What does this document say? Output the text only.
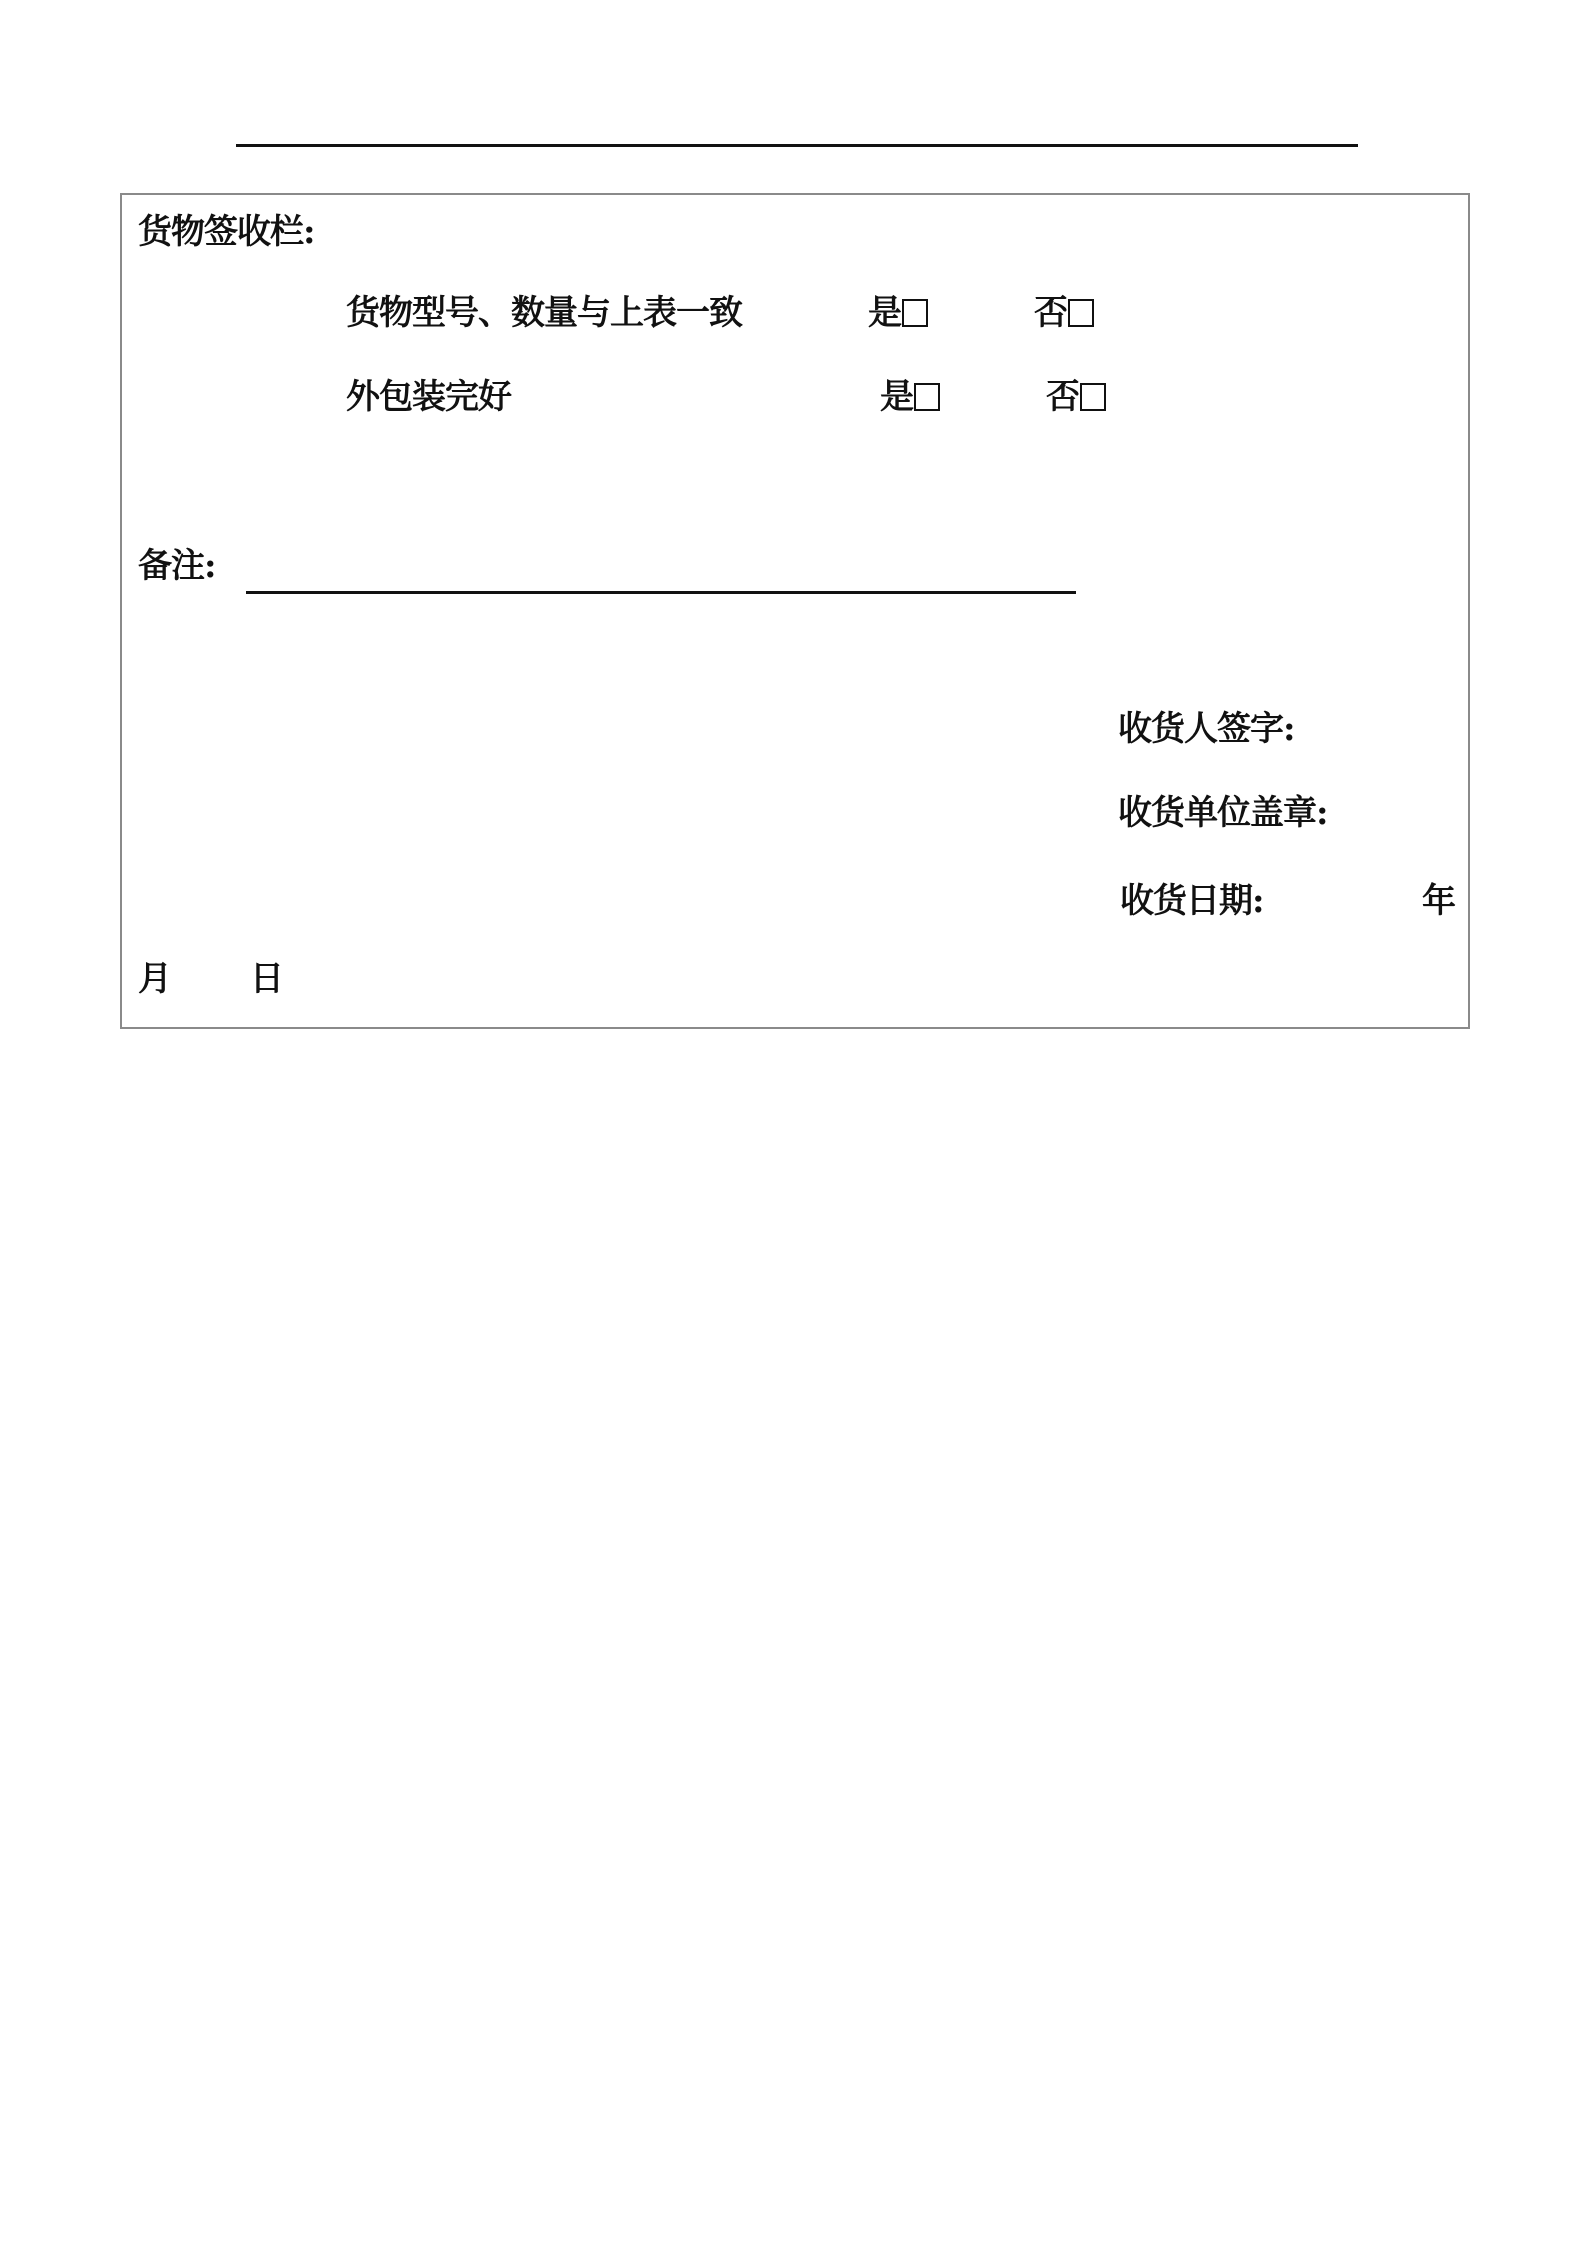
货物签收栏:
货物型号、数量与上表一致	是	否
外包装完好	是	否
备注:
收货人签字:
收货单位盖章:
收货日期:	年
月 日
